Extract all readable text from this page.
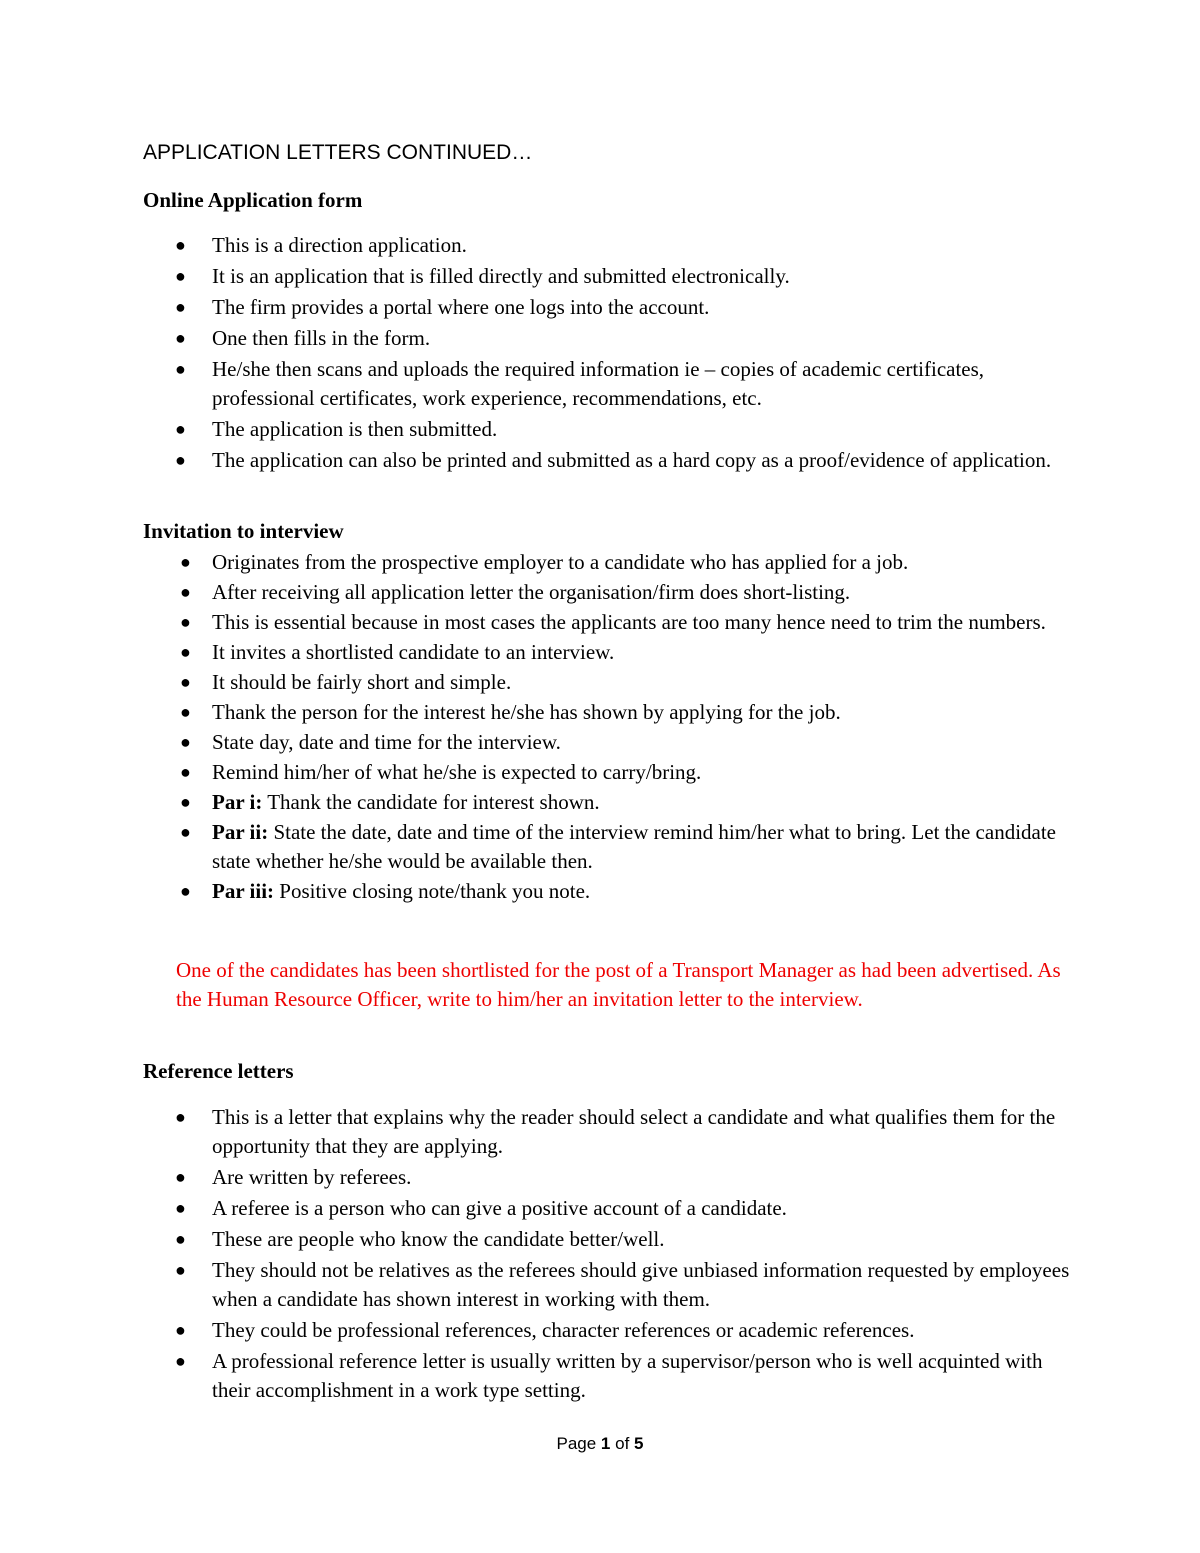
APPLICATION LETTERS CONTINUED…
Online Application form
● This is a direction application.
● It is an application that is filled directly and submitted electronically.
● The firm provides a portal where one logs into the account.
● One then fills in the form.
● He/she then scans and uploads the required information ie – copies of academic certificates, professional certificates, work experience, recommendations, etc.
● The application is then submitted.
● The application can also be printed and submitted as a hard copy as a proof/evidence of application.
Invitation to interview
● Originates from the prospective employer to a candidate who has applied for a job.
● After receiving all application letter the organisation/firm does short-listing.
● This is essential because in most cases the applicants are too many hence need to trim the numbers.
● It invites a shortlisted candidate to an interview.
● It should be fairly short and simple.
● Thank the person for the interest he/she has shown by applying for the job.
● State day, date and time for the interview.
● Remind him/her of what he/she is expected to carry/bring.
● Par i: Thank the candidate for interest shown.
● Par ii: State the date, date and time of the interview remind him/her what to bring. Let the candidate state whether he/she would be available then.
● Par iii: Positive closing note/thank you note.
One of the candidates has been shortlisted for the post of a Transport Manager as had been advertised. As the Human Resource Officer, write to him/her an invitation letter to the interview.
Reference letters
● This is a letter that explains why the reader should select a candidate and what qualifies them for the opportunity that they are applying.
● Are written by referees.
● A referee is a person who can give a positive account of a candidate.
● These are people who know the candidate better/well.
● They should not be relatives as the referees should give unbiased information requested by employees when a candidate has shown interest in working with them.
● They could be professional references, character references or academic references.
● A professional reference letter is usually written by a supervisor/person who is well acquinted with their accomplishment in a work type setting.
Page 1 of 5
